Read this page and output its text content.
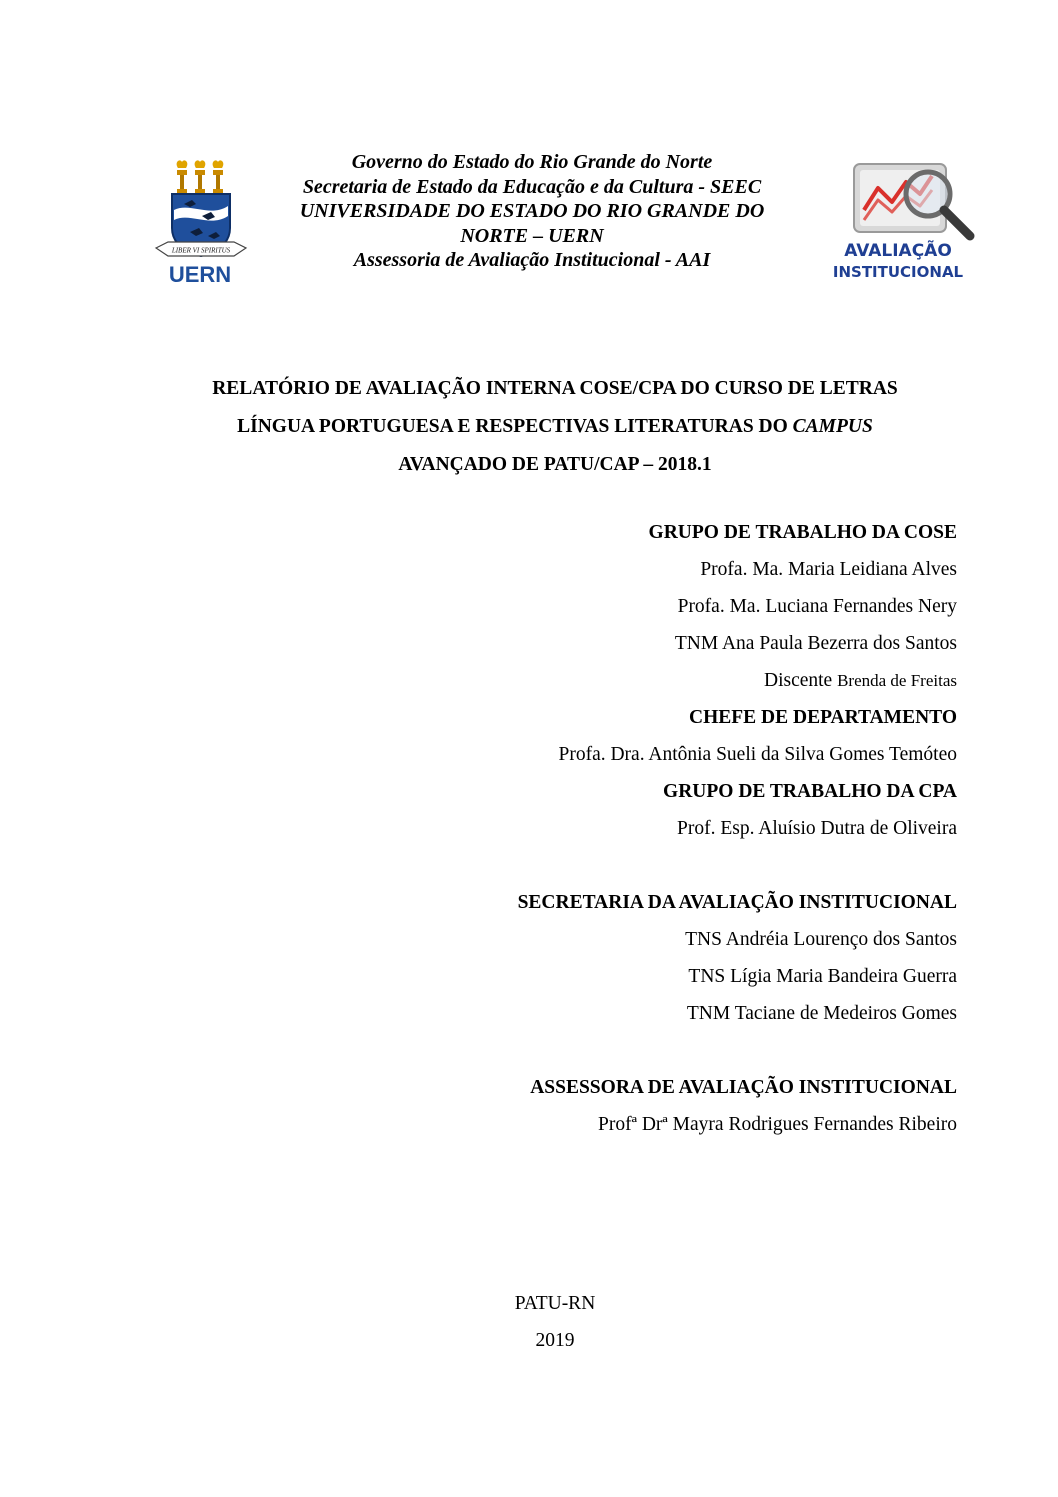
LIBER VI SPIRITUS
UERN
Governo do Estado do Rio Grande do Norte
Secretaria de Estado da Educação e da Cultura - SEEC
UNIVERSIDADE DO ESTADO DO RIO GRANDE DO
NORTE – UERN
Assessoria de Avaliação Institucional - AAI	AVALIAÇÃO
INSTITUCIONAL
RELATÓRIO DE AVALIAÇÃO INTERNA COSE/CPA DO CURSO DE LETRAS
LÍNGUA PORTUGUESA E RESPECTIVAS LITERATURAS DO CAMPUS
AVANÇADO DE PATU/CAP – 2018.1
GRUPO DE TRABALHO DA COSE
Profa. Ma. Maria Leidiana Alves
Profa. Ma. Luciana Fernandes Nery
TNM Ana Paula Bezerra dos Santos
Discente Brenda de Freitas
CHEFE DE DEPARTAMENTO
Profa. Dra. Antônia Sueli da Silva Gomes Temóteo
GRUPO DE TRABALHO DA CPA
Prof. Esp. Aluísio Dutra de Oliveira
SECRETARIA DA AVALIAÇÃO INSTITUCIONAL
TNS Andréia Lourenço dos Santos
TNS Lígia Maria Bandeira Guerra
TNM Taciane de Medeiros Gomes
ASSESSORA DE AVALIAÇÃO INSTITUCIONAL
Profª Drª Mayra Rodrigues Fernandes Ribeiro
PATU-RN
2019
